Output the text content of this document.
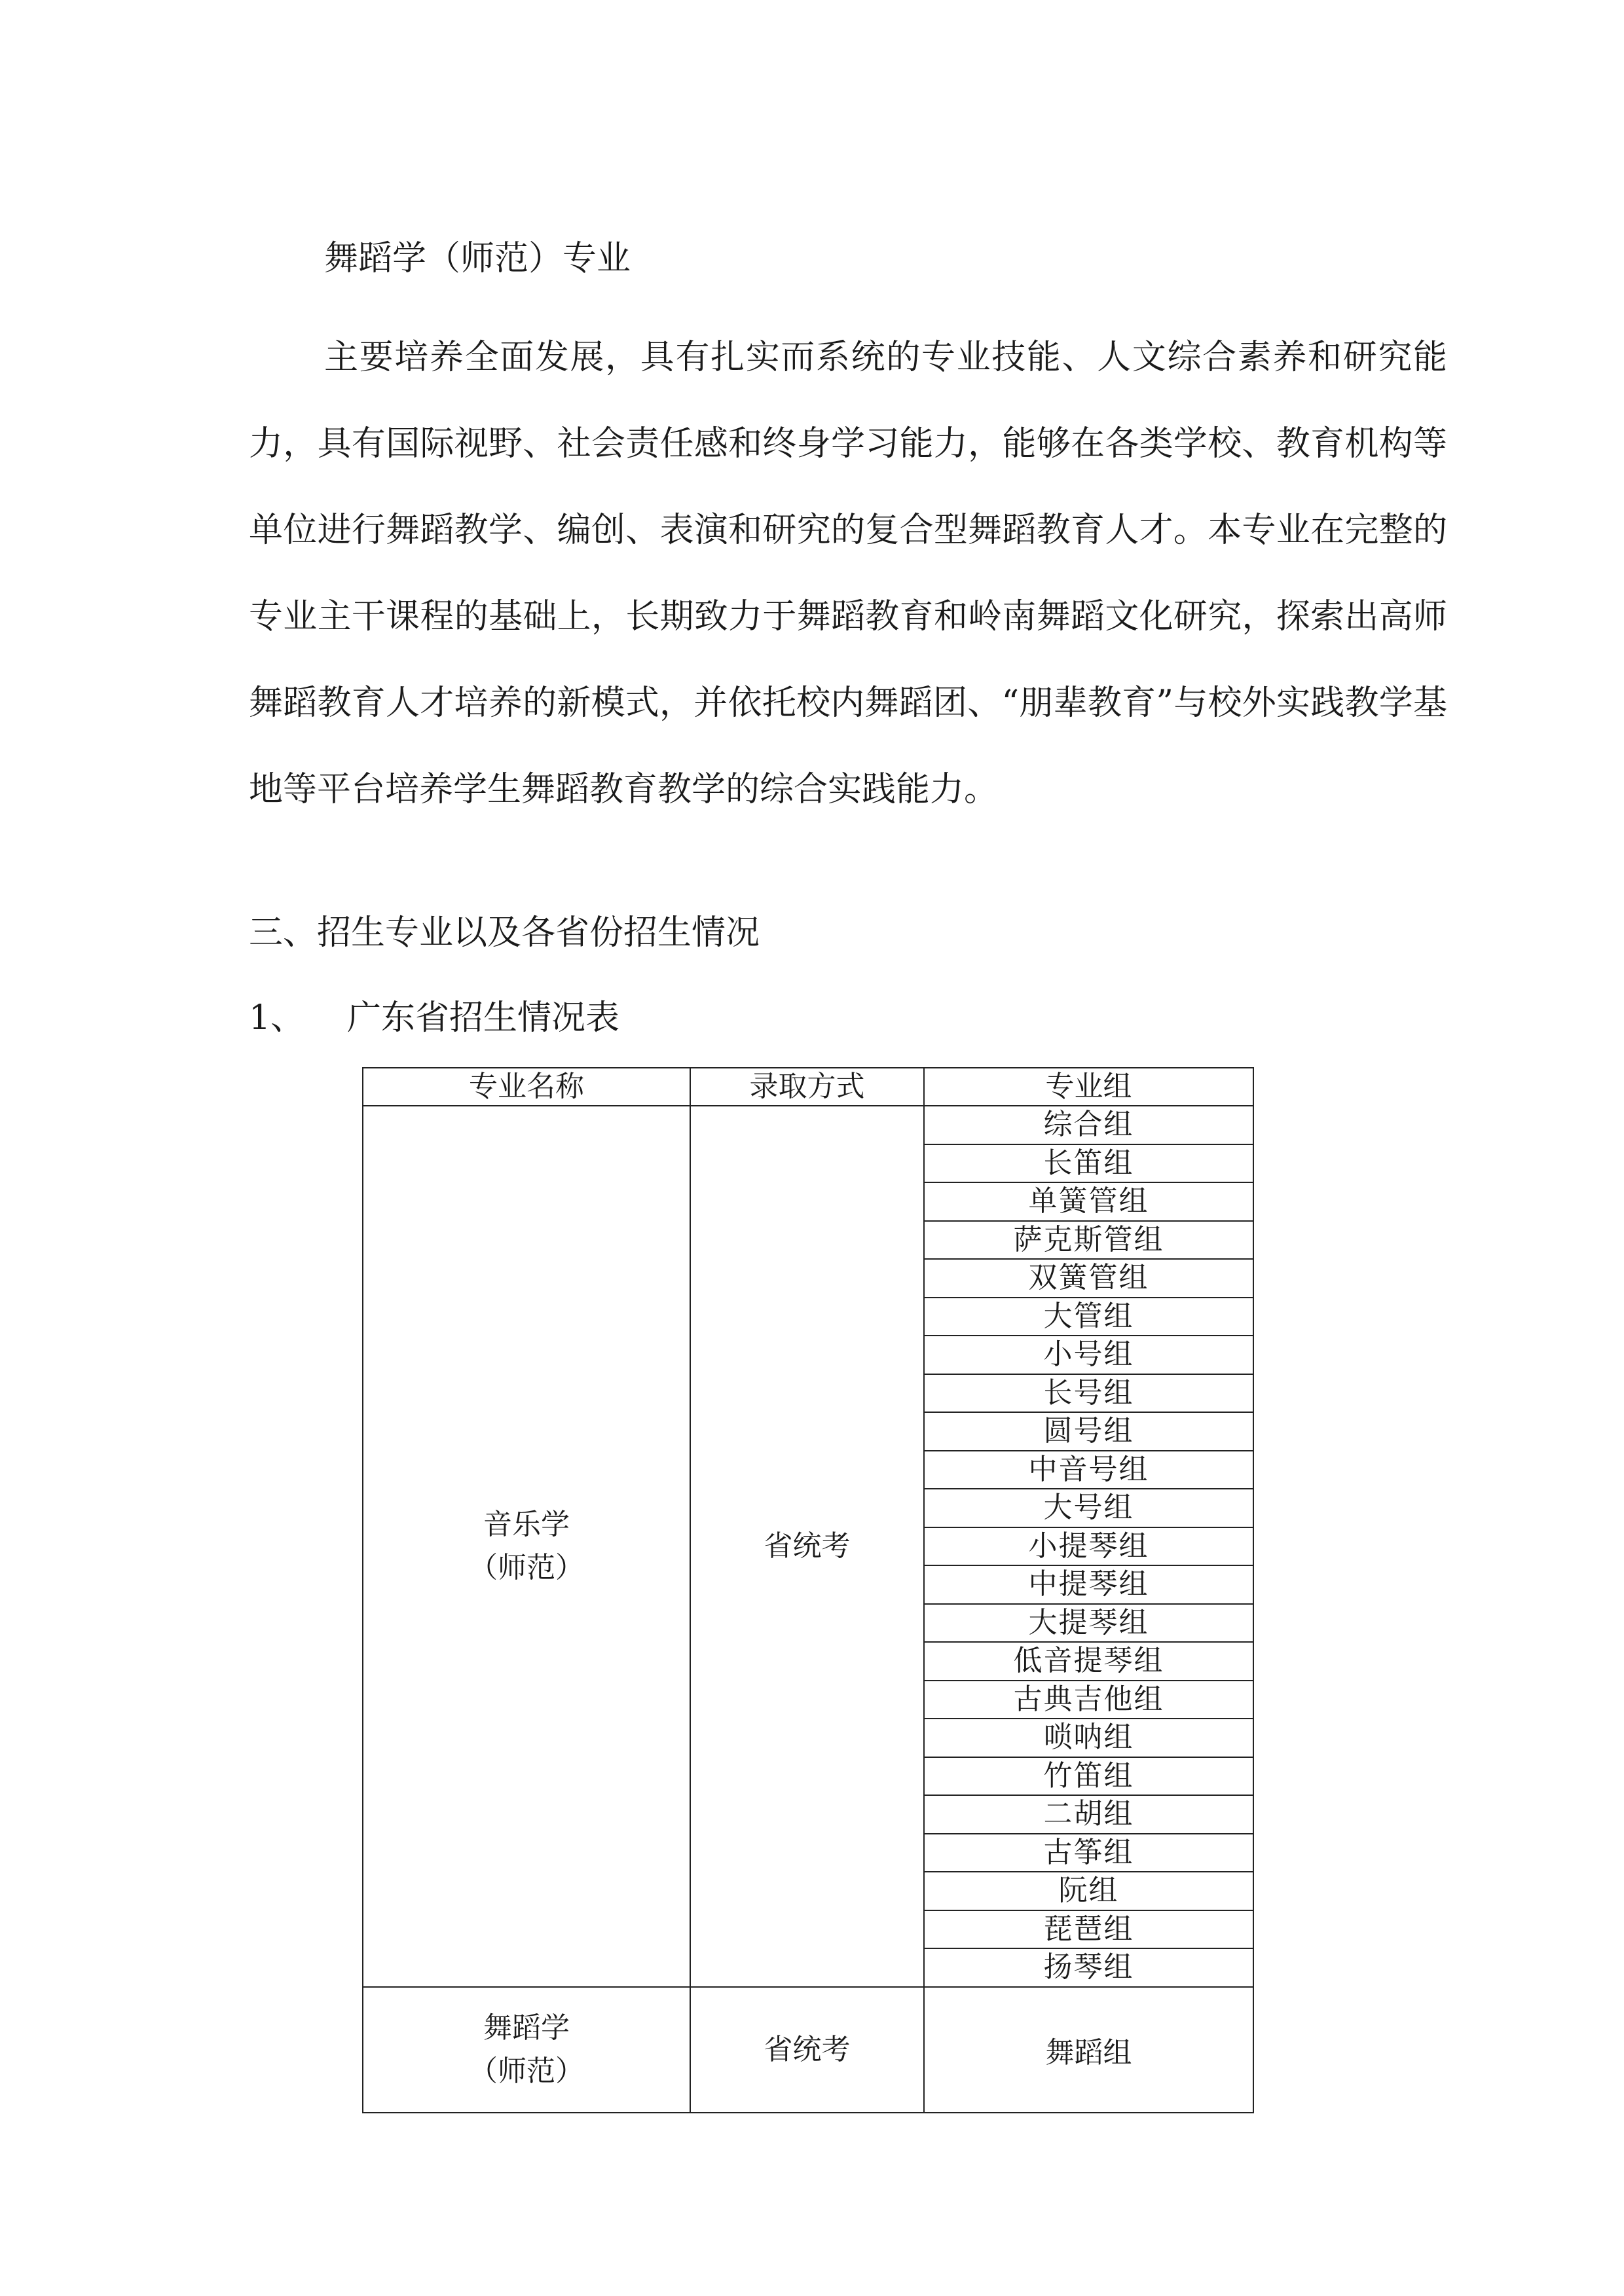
舞蹈学（师范）专业

主要培养全面发展，具有扎实而系统的专业技能、人文综合素养和研究能力，具有国际视野、社会责任感和终身学习能力，能够在各类学校、教育机构等单位进行舞蹈教学、编创、表演和研究的复合型舞蹈教育人才。本专业在完整的专业主干课程的基础上，长期致力于舞蹈教育和岭南舞蹈文化研究，探索出高师舞蹈教育人才培养的新模式，并依托校内舞蹈团、“朋辈教育”与校外实践教学基地等平台培养学生舞蹈教育教学的综合实践能力。

三、招生专业以及各省份招生情况
1、 广东省招生情况表
专业名称	录取方式	专业组

音乐学
（师范）	省统考	综合组
		长笛组
		单簧管组
		萨克斯管组
		双簧管组
		大管组
		小号组
		长号组
		圆号组
		中音号组
		大号组
		小提琴组
		中提琴组
		大提琴组
		低音提琴组
		古典吉他组
		唢呐组
		竹笛组
		二胡组
		古筝组
		阮组
		琵琶组
		扬琴组

舞蹈学
（师范）	省统考	舞蹈组
